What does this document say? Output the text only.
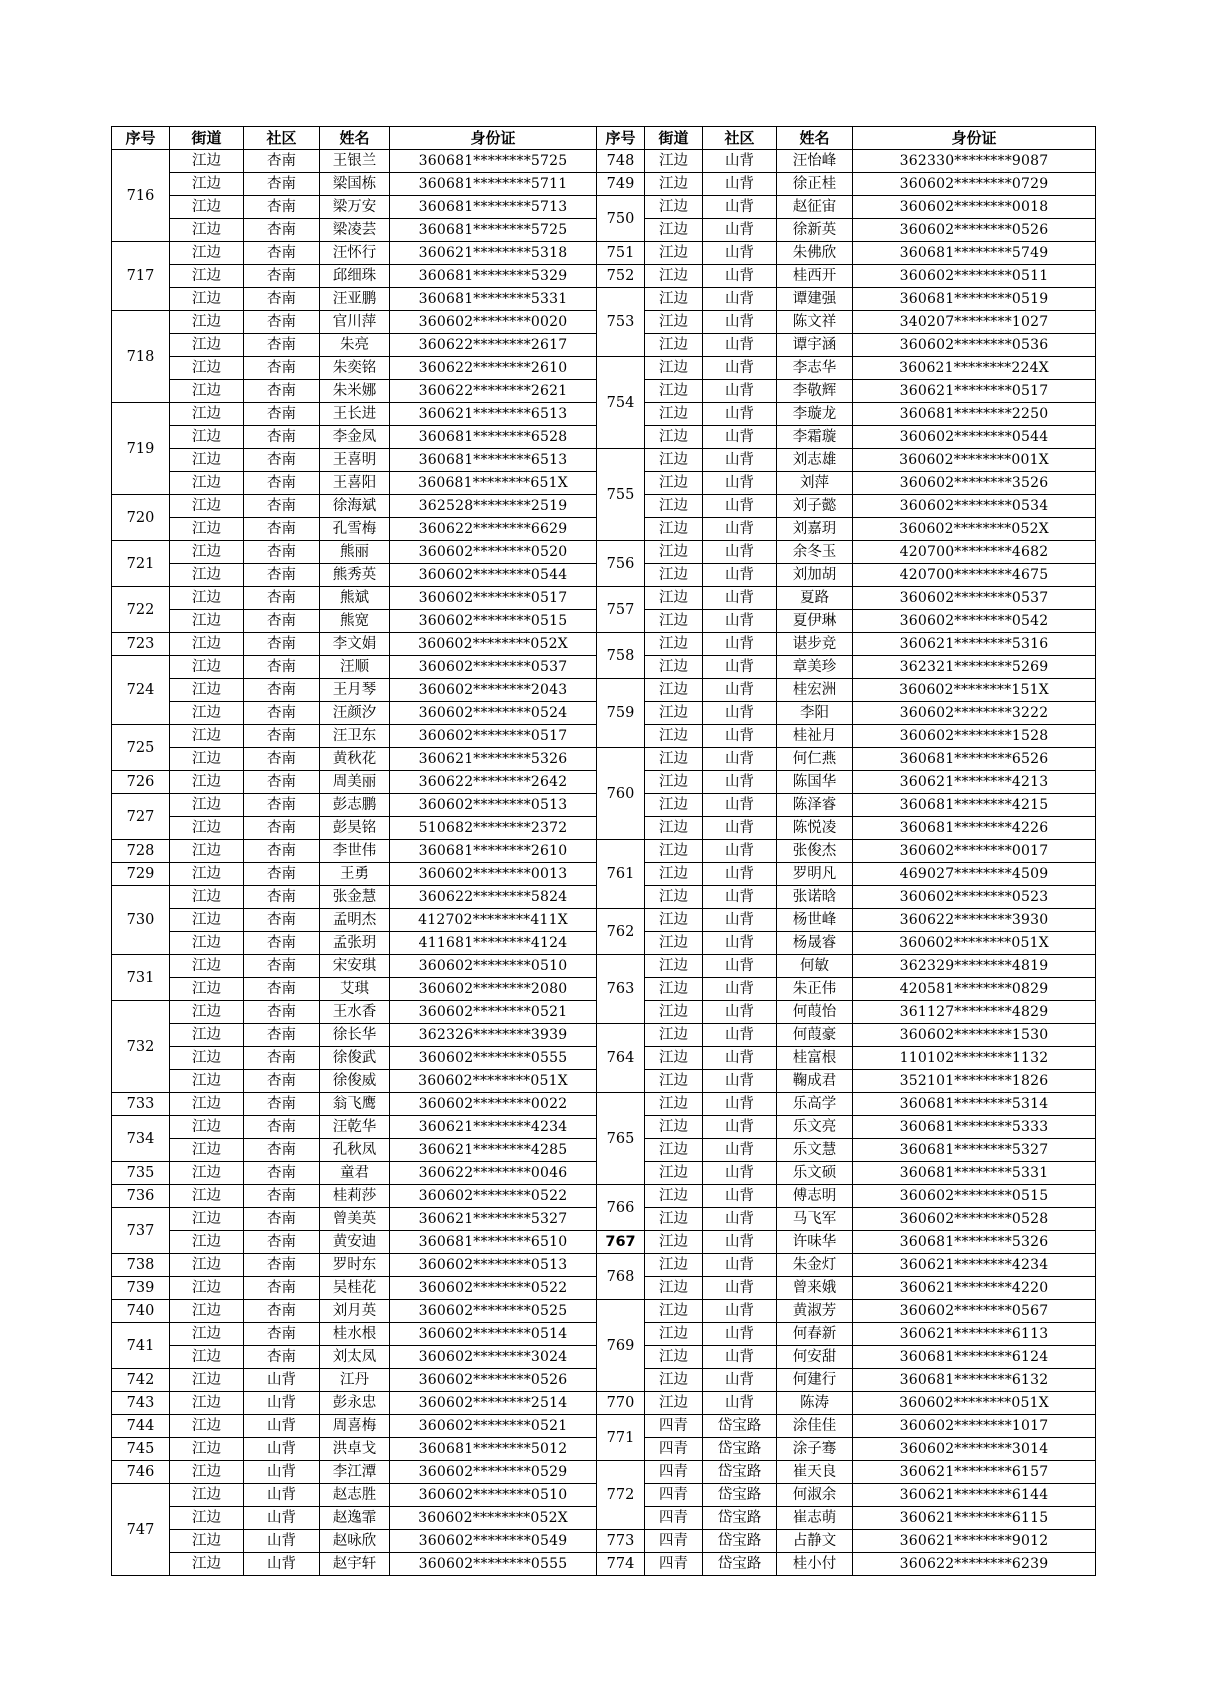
序号	街道	社区	姓名	身份证	序号	街道	社区	姓名	身份证
716	江边	杏南	王银兰	360681********5725	748	江边	山背	汪怡峰	362330********9087
	江边	杏南	梁国栋	360681********5711	749	江边	山背	徐正桂	360602********0729
	江边	杏南	梁万安	360681********5713	750	江边	山背	赵征宙	360602********0018
	江边	杏南	梁凌芸	360681********5725		江边	山背	徐新英	360602********0526
717	江边	杏南	汪怀行	360621********5318	751	江边	山背	朱佛欣	360681********5749
	江边	杏南	邱细珠	360681********5329	752	江边	山背	桂西开	360602********0511
	江边	杏南	汪亚鹏	360681********5331	753	江边	山背	谭建强	360681********0519
718	江边	杏南	官川萍	360602********0020		江边	山背	陈文祥	340207********1027
	江边	杏南	朱亮	360622********2617		江边	山背	谭宇涵	360602********0536
	江边	杏南	朱奕铭	360622********2610	754	江边	山背	李志华	360621********224X
	江边	杏南	朱米娜	360622********2621		江边	山背	李敬辉	360621********0517
719	江边	杏南	王长进	360621********6513		江边	山背	李璇龙	360681********2250
	江边	杏南	李金凤	360681********6528		江边	山背	李霜璇	360602********0544
	江边	杏南	王喜明	360681********6513	755	江边	山背	刘志雄	360602********001X
	江边	杏南	王喜阳	360681********651X		江边	山背	刘萍	360602********3526
720	江边	杏南	徐海斌	362528********2519		江边	山背	刘子懿	360602********0534
	江边	杏南	孔雪梅	360622********6629		江边	山背	刘嘉玥	360602********052X
721	江边	杏南	熊丽	360602********0520	756	江边	山背	余冬玉	420700********4682
	江边	杏南	熊秀英	360602********0544		江边	山背	刘加胡	420700********4675
722	江边	杏南	熊斌	360602********0517	757	江边	山背	夏路	360602********0537
	江边	杏南	熊宽	360602********0515		江边	山背	夏伊琳	360602********0542
723	江边	杏南	李文娟	360602********052X	758	江边	山背	谌步竞	360621********5316
724	江边	杏南	汪顺	360602********0537		江边	山背	章美珍	362321********5269
	江边	杏南	王月琴	360602********2043	759	江边	山背	桂宏洲	360602********151X
	江边	杏南	汪颜汐	360602********0524		江边	山背	李阳	360602********3222
725	江边	杏南	汪卫东	360602********0517		江边	山背	桂祉月	360602********1528
	江边	杏南	黄秋花	360621********5326	760	江边	山背	何仁燕	360681********6526
726	江边	杏南	周美丽	360622********2642		江边	山背	陈国华	360621********4213
727	江边	杏南	彭志鹏	360602********0513		江边	山背	陈泽睿	360681********4215
	江边	杏南	彭昊铭	510682********2372		江边	山背	陈悦凌	360681********4226
728	江边	杏南	李世伟	360681********2610	761	江边	山背	张俊杰	360602********0017
729	江边	杏南	王勇	360602********0013		江边	山背	罗明凡	469027********4509
730	江边	杏南	张金慧	360622********5824		江边	山背	张诺晗	360602********0523
	江边	杏南	孟明杰	412702********411X	762	江边	山背	杨世峰	360622********3930
	江边	杏南	孟张玥	411681********4124		江边	山背	杨晟睿	360602********051X
731	江边	杏南	宋安琪	360602********0510	763	江边	山背	何敏	362329********4819
	江边	杏南	艾琪	360602********2080		江边	山背	朱正伟	420581********0829
732	江边	杏南	王水香	360602********0521		江边	山背	何葭怡	361127********4829
	江边	杏南	徐长华	362326********3939	764	江边	山背	何葭豪	360602********1530
	江边	杏南	徐俊武	360602********0555		江边	山背	桂富根	110102********1132
	江边	杏南	徐俊威	360602********051X		江边	山背	鞠成君	352101********1826
733	江边	杏南	翁飞鹰	360602********0022	765	江边	山背	乐高学	360681********5314
734	江边	杏南	汪乾华	360621********4234		江边	山背	乐文亮	360681********5333
	江边	杏南	孔秋凤	360621********4285		江边	山背	乐文慧	360681********5327
735	江边	杏南	童君	360622********0046		江边	山背	乐文硕	360681********5331
736	江边	杏南	桂莉莎	360602********0522	766	江边	山背	傅志明	360602********0515
737	江边	杏南	曾美英	360621********5327		江边	山背	马飞军	360602********0528
	江边	杏南	黄安迪	360681********6510	767	江边	山背	许味华	360681********5326
738	江边	杏南	罗时东	360602********0513	768	江边	山背	朱金灯	360621********4234
739	江边	杏南	吴桂花	360602********0522		江边	山背	曾来娥	360621********4220
740	江边	杏南	刘月英	360602********0525	769	江边	山背	黄淑芳	360602********0567
741	江边	杏南	桂水根	360602********0514		江边	山背	何春新	360621********6113
	江边	杏南	刘太凤	360602********3024		江边	山背	何安甜	360681********6124
742	江边	山背	江丹	360602********0526		江边	山背	何建行	360681********6132
743	江边	山背	彭永忠	360602********2514	770	江边	山背	陈涛	360602********051X
744	江边	山背	周喜梅	360602********0521	771	四青	岱宝路	涂佳佳	360602********1017
745	江边	山背	洪卓戈	360681********5012		四青	岱宝路	涂子骞	360602********3014
746	江边	山背	李江潭	360602********0529	772	四青	岱宝路	崔天良	360621********6157
747	江边	山背	赵志胜	360602********0510		四青	岱宝路	何淑余	360621********6144
	江边	山背	赵逸霏	360602********052X		四青	岱宝路	崔志萌	360621********6115
	江边	山背	赵咏欣	360602********0549	773	四青	岱宝路	占静文	360621********9012
	江边	山背	赵宇轩	360602********0555	774	四青	岱宝路	桂小付	360622********6239
